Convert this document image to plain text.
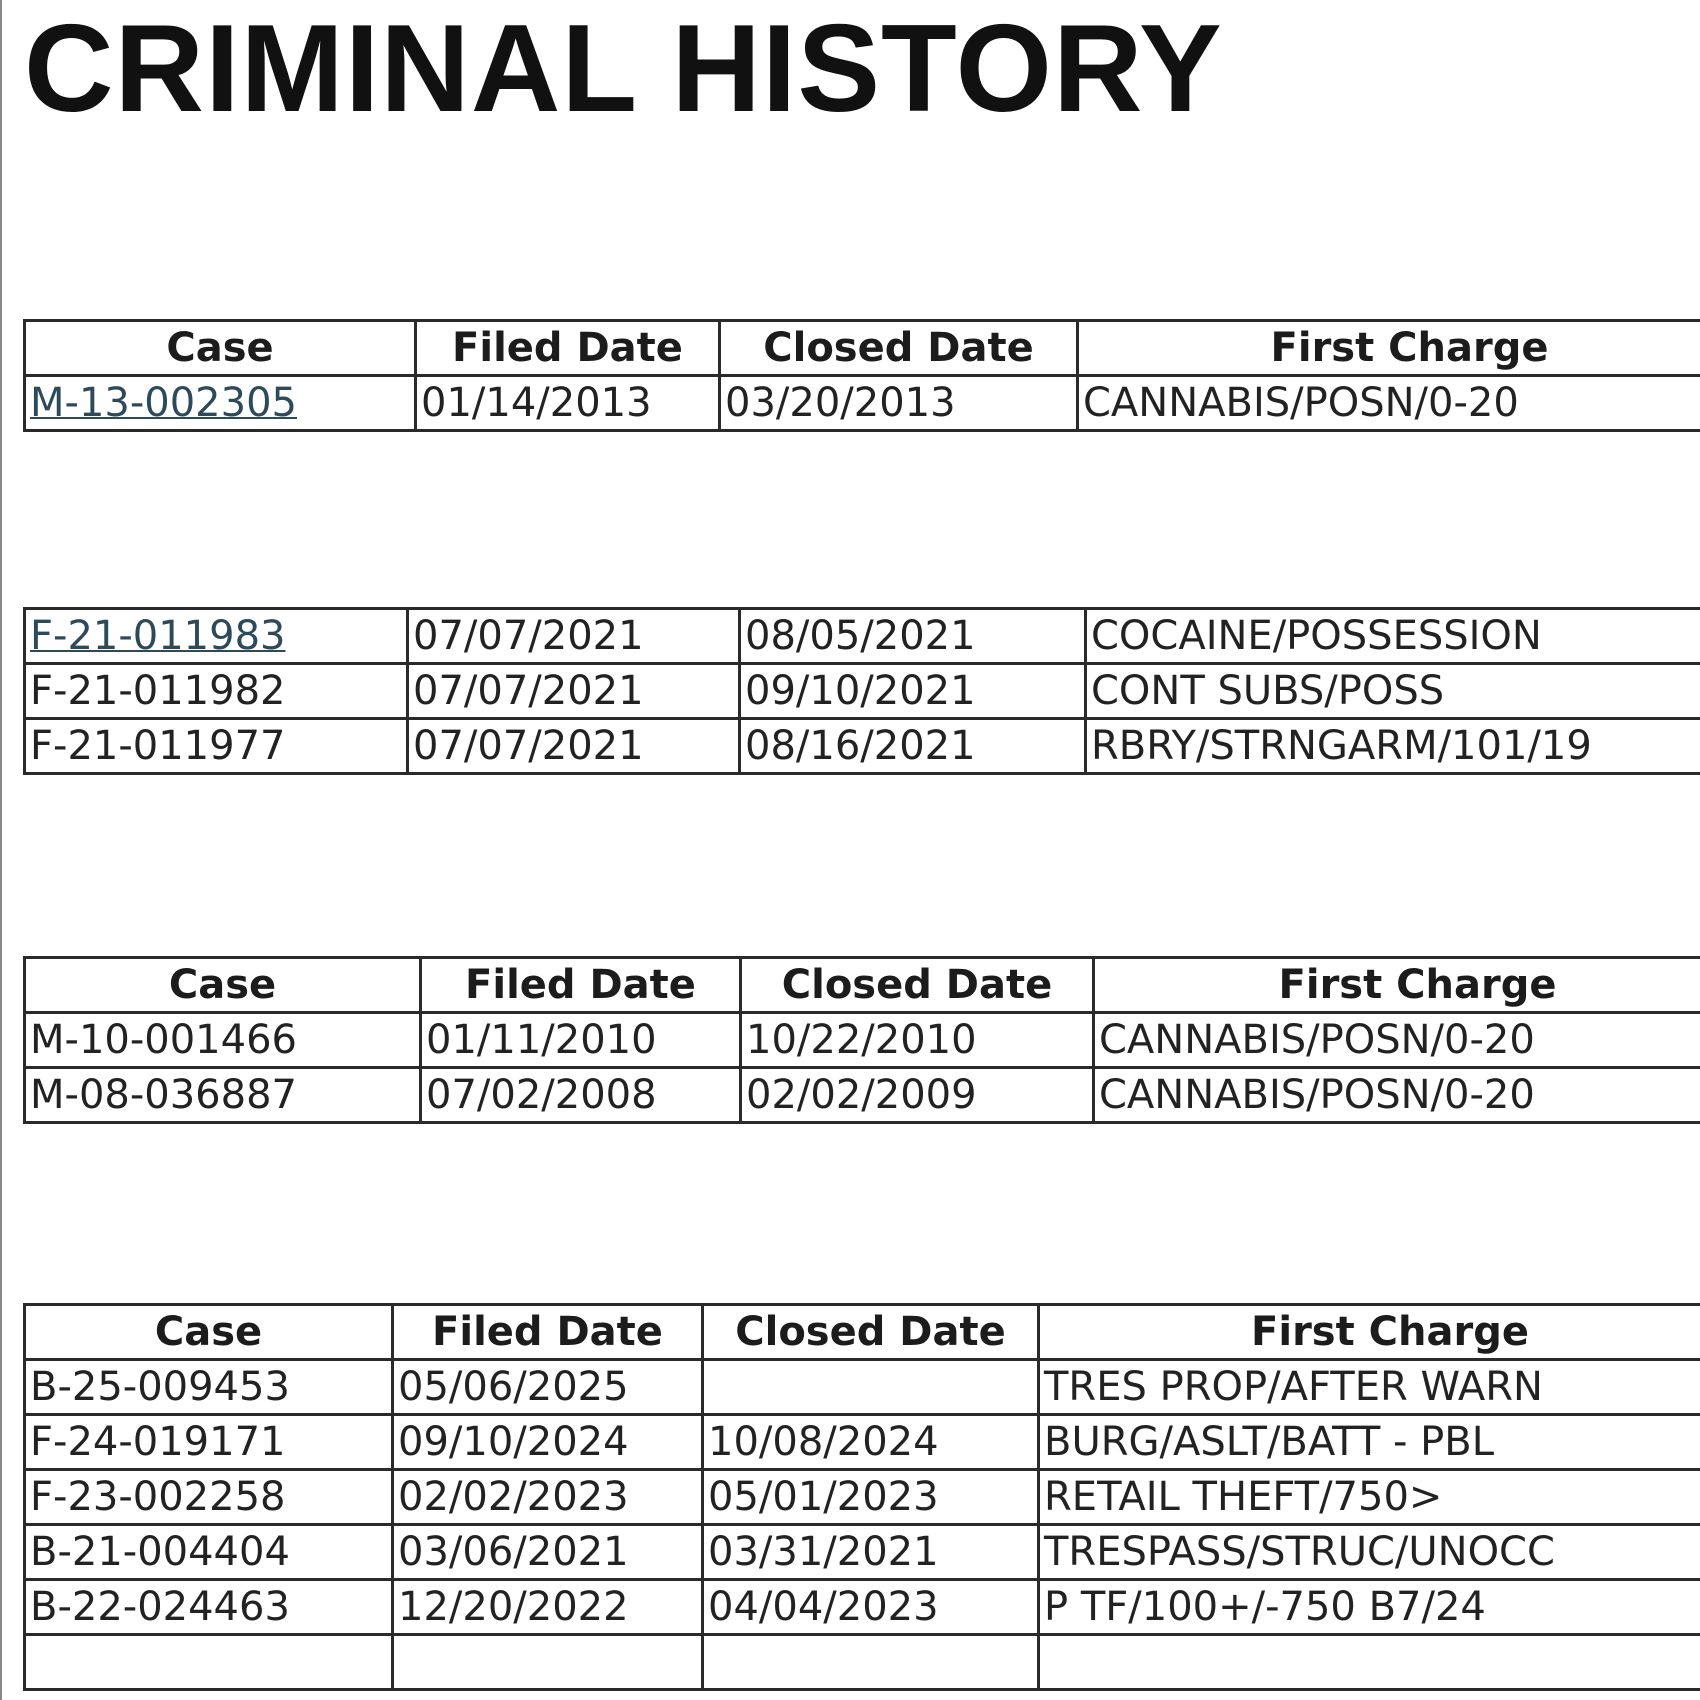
CRIMINAL HISTORY
Case	Filed Date	Closed Date	First Charge
M-13-002305	01/14/2013	03/20/2013	CANNABIS/POSN/0-20
F-21-011983	07/07/2021	08/05/2021	COCAINE/POSSESSION
F-21-011982	07/07/2021	09/10/2021	CONT SUBS/POSS
F-21-011977	07/07/2021	08/16/2021	RBRY/STRNGARM/101/19
Case	Filed Date	Closed Date	First Charge
M-10-001466	01/11/2010	10/22/2010	CANNABIS/POSN/0-20
M-08-036887	07/02/2008	02/02/2009	CANNABIS/POSN/0-20
Case	Filed Date	Closed Date	First Charge
B-25-009453	05/06/2025		TRES PROP/AFTER WARN
F-24-019171	09/10/2024	10/08/2024	BURG/ASLT/BATT - PBL
F-23-002258	02/02/2023	05/01/2023	RETAIL THEFT/750>
B-21-004404	03/06/2021	03/31/2021	TRESPASS/STRUC/UNOCC
B-22-024463	12/20/2022	04/04/2023	P TF/100+/-750 B7/24
